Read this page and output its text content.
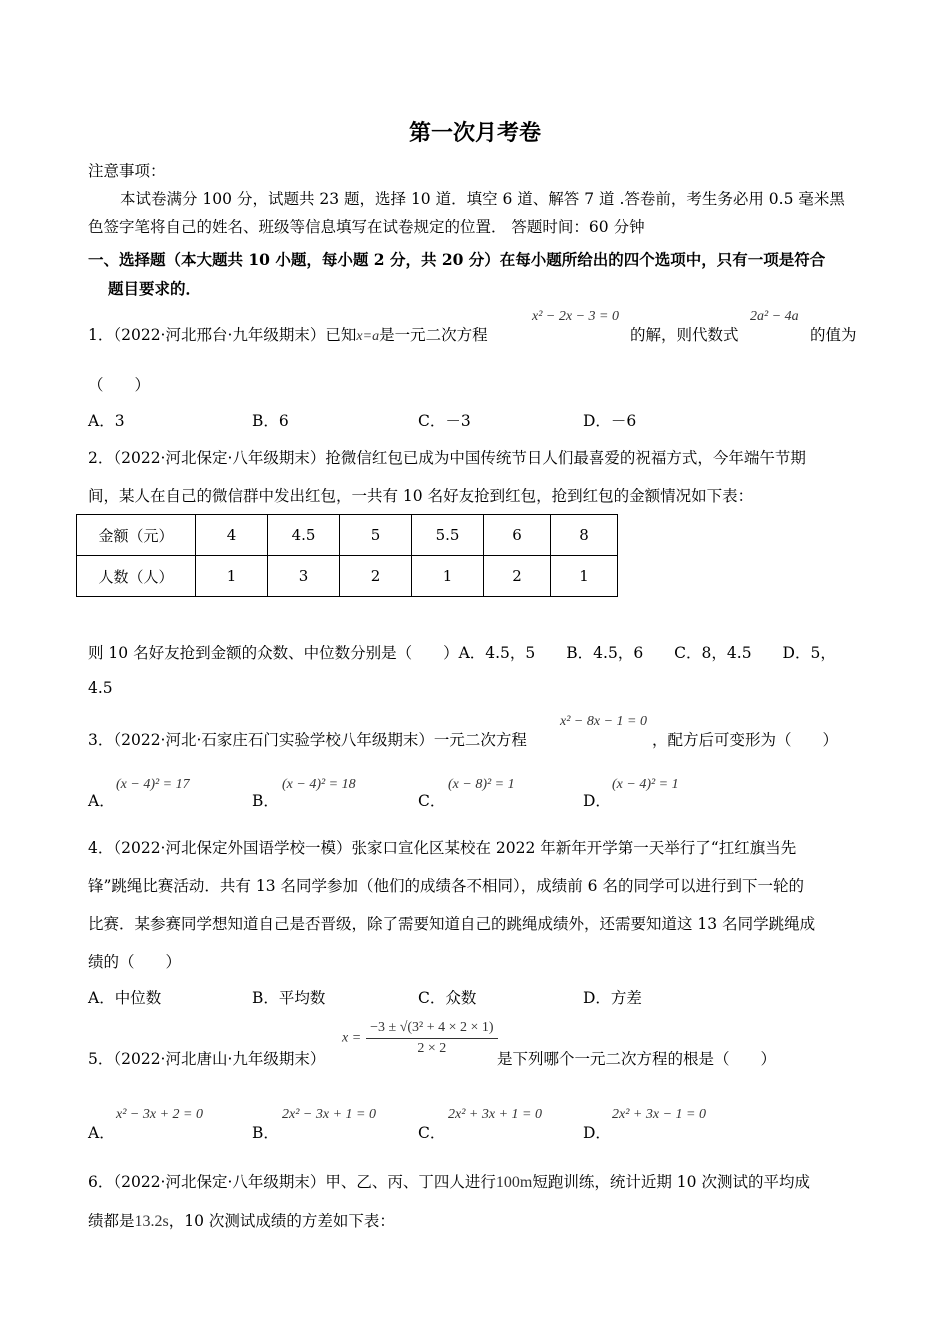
第一次月考卷
注意事项：
本试卷满分 100 分，试题共 23 题，选择 10 道．填空 6 道、解答 7 道 .答卷前，考生务必用 0.5 毫米黑
色签字笔将自己的姓名、班级等信息填写在试卷规定的位置． 答题时间：60 分钟
一、选择题（本大题共 10 小题，每小题 2 分，共 20 分）在每小题所给出的四个选项中，只有一项是符合
题目要求的．
1．（2022·河北邢台·九年级期末）已知x=a是一元二次方程
x² − 2x − 3 = 0
的解，则代数式
2a² − 4a
的值为
（　　）
A．3	B．6	C．－3	D．－6
2．（2022·河北保定·八年级期末）抢微信红包已成为中国传统节日人们最喜爱的祝福方式，今年端午节期
间，某人在自己的微信群中发出红包，一共有 10 名好友抢到红包，抢到红包的金额情况如下表：
金额（元）	4	4.5	5	5.5	6	8
人数（人）	1	3	2	1	2	1
则 10 名好友抢到金额的众数、中位数分别是（　　）A．4.5，5　　B．4.5，6　　C．8，4.5　　D．5，
4.5
3．（2022·河北·石家庄石门实验学校八年级期末）一元二次方程
x² − 8x − 1 = 0
，配方后可变形为（　　）
A．
(x − 4)² = 17
B．
(x − 4)² = 18
C．
(x − 8)² = 1
D．
(x − 4)² = 1
4．（2022·河北保定外国语学校一模）张家口宣化区某校在 2022 年新年开学第一天举行了“扛红旗当先
锋”跳绳比赛活动．共有 13 名同学参加（他们的成绩各不相同），成绩前 6 名的同学可以进行到下一轮的
比赛．某参赛同学想知道自己是否晋级，除了需要知道自己的跳绳成绩外，还需要知道这 13 名同学跳绳成
绩的（　　）
A．中位数	B．平均数	C．众数	D．方差
5．（2022·河北唐山·九年级期末）
$x = \frac{\text{−3 ± √(3² + 4 × 2 × 1)}}{2 \times 2}$
是下列哪个一元二次方程的根是（　　）
A．
x² − 3x + 2 = 0
B．
2x² − 3x + 1 = 0
C．
2x² + 3x + 1 = 0
D．
2x² + 3x − 1 = 0
6．（2022·河北保定·八年级期末）甲、乙、丙、丁四人进行100m短跑训练，统计近期 10 次测试的平均成
绩都是13.2s，10 次测试成绩的方差如下表：
